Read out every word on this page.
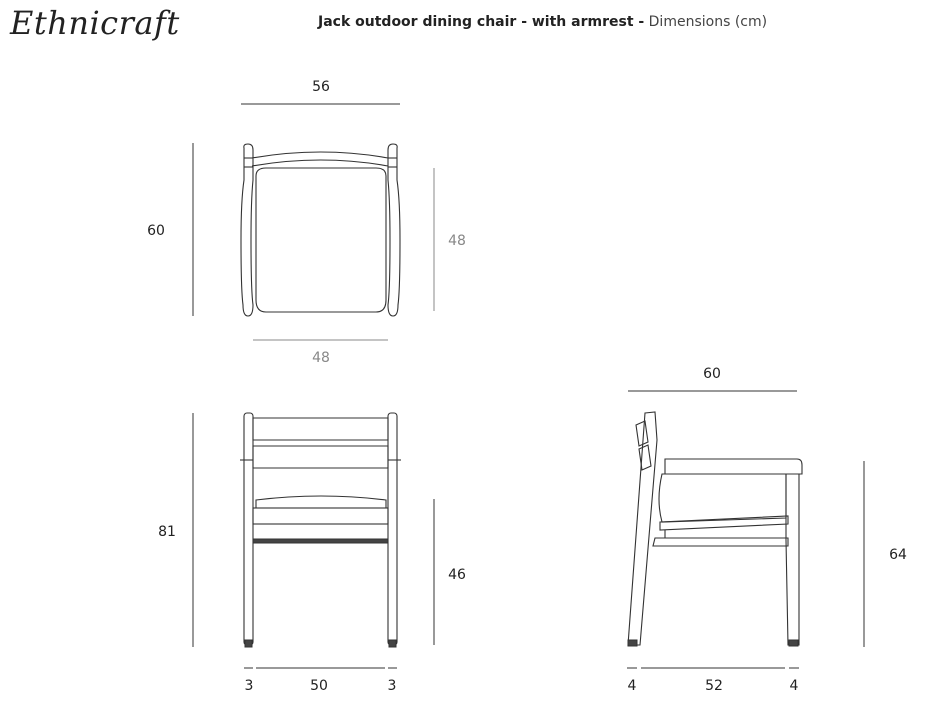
Ethnicraft	Jack outdoor dining chair - with armrest - Dimensions (cm)
56
60
48
48
81
46
3	50	3
60
64
4	52	4
